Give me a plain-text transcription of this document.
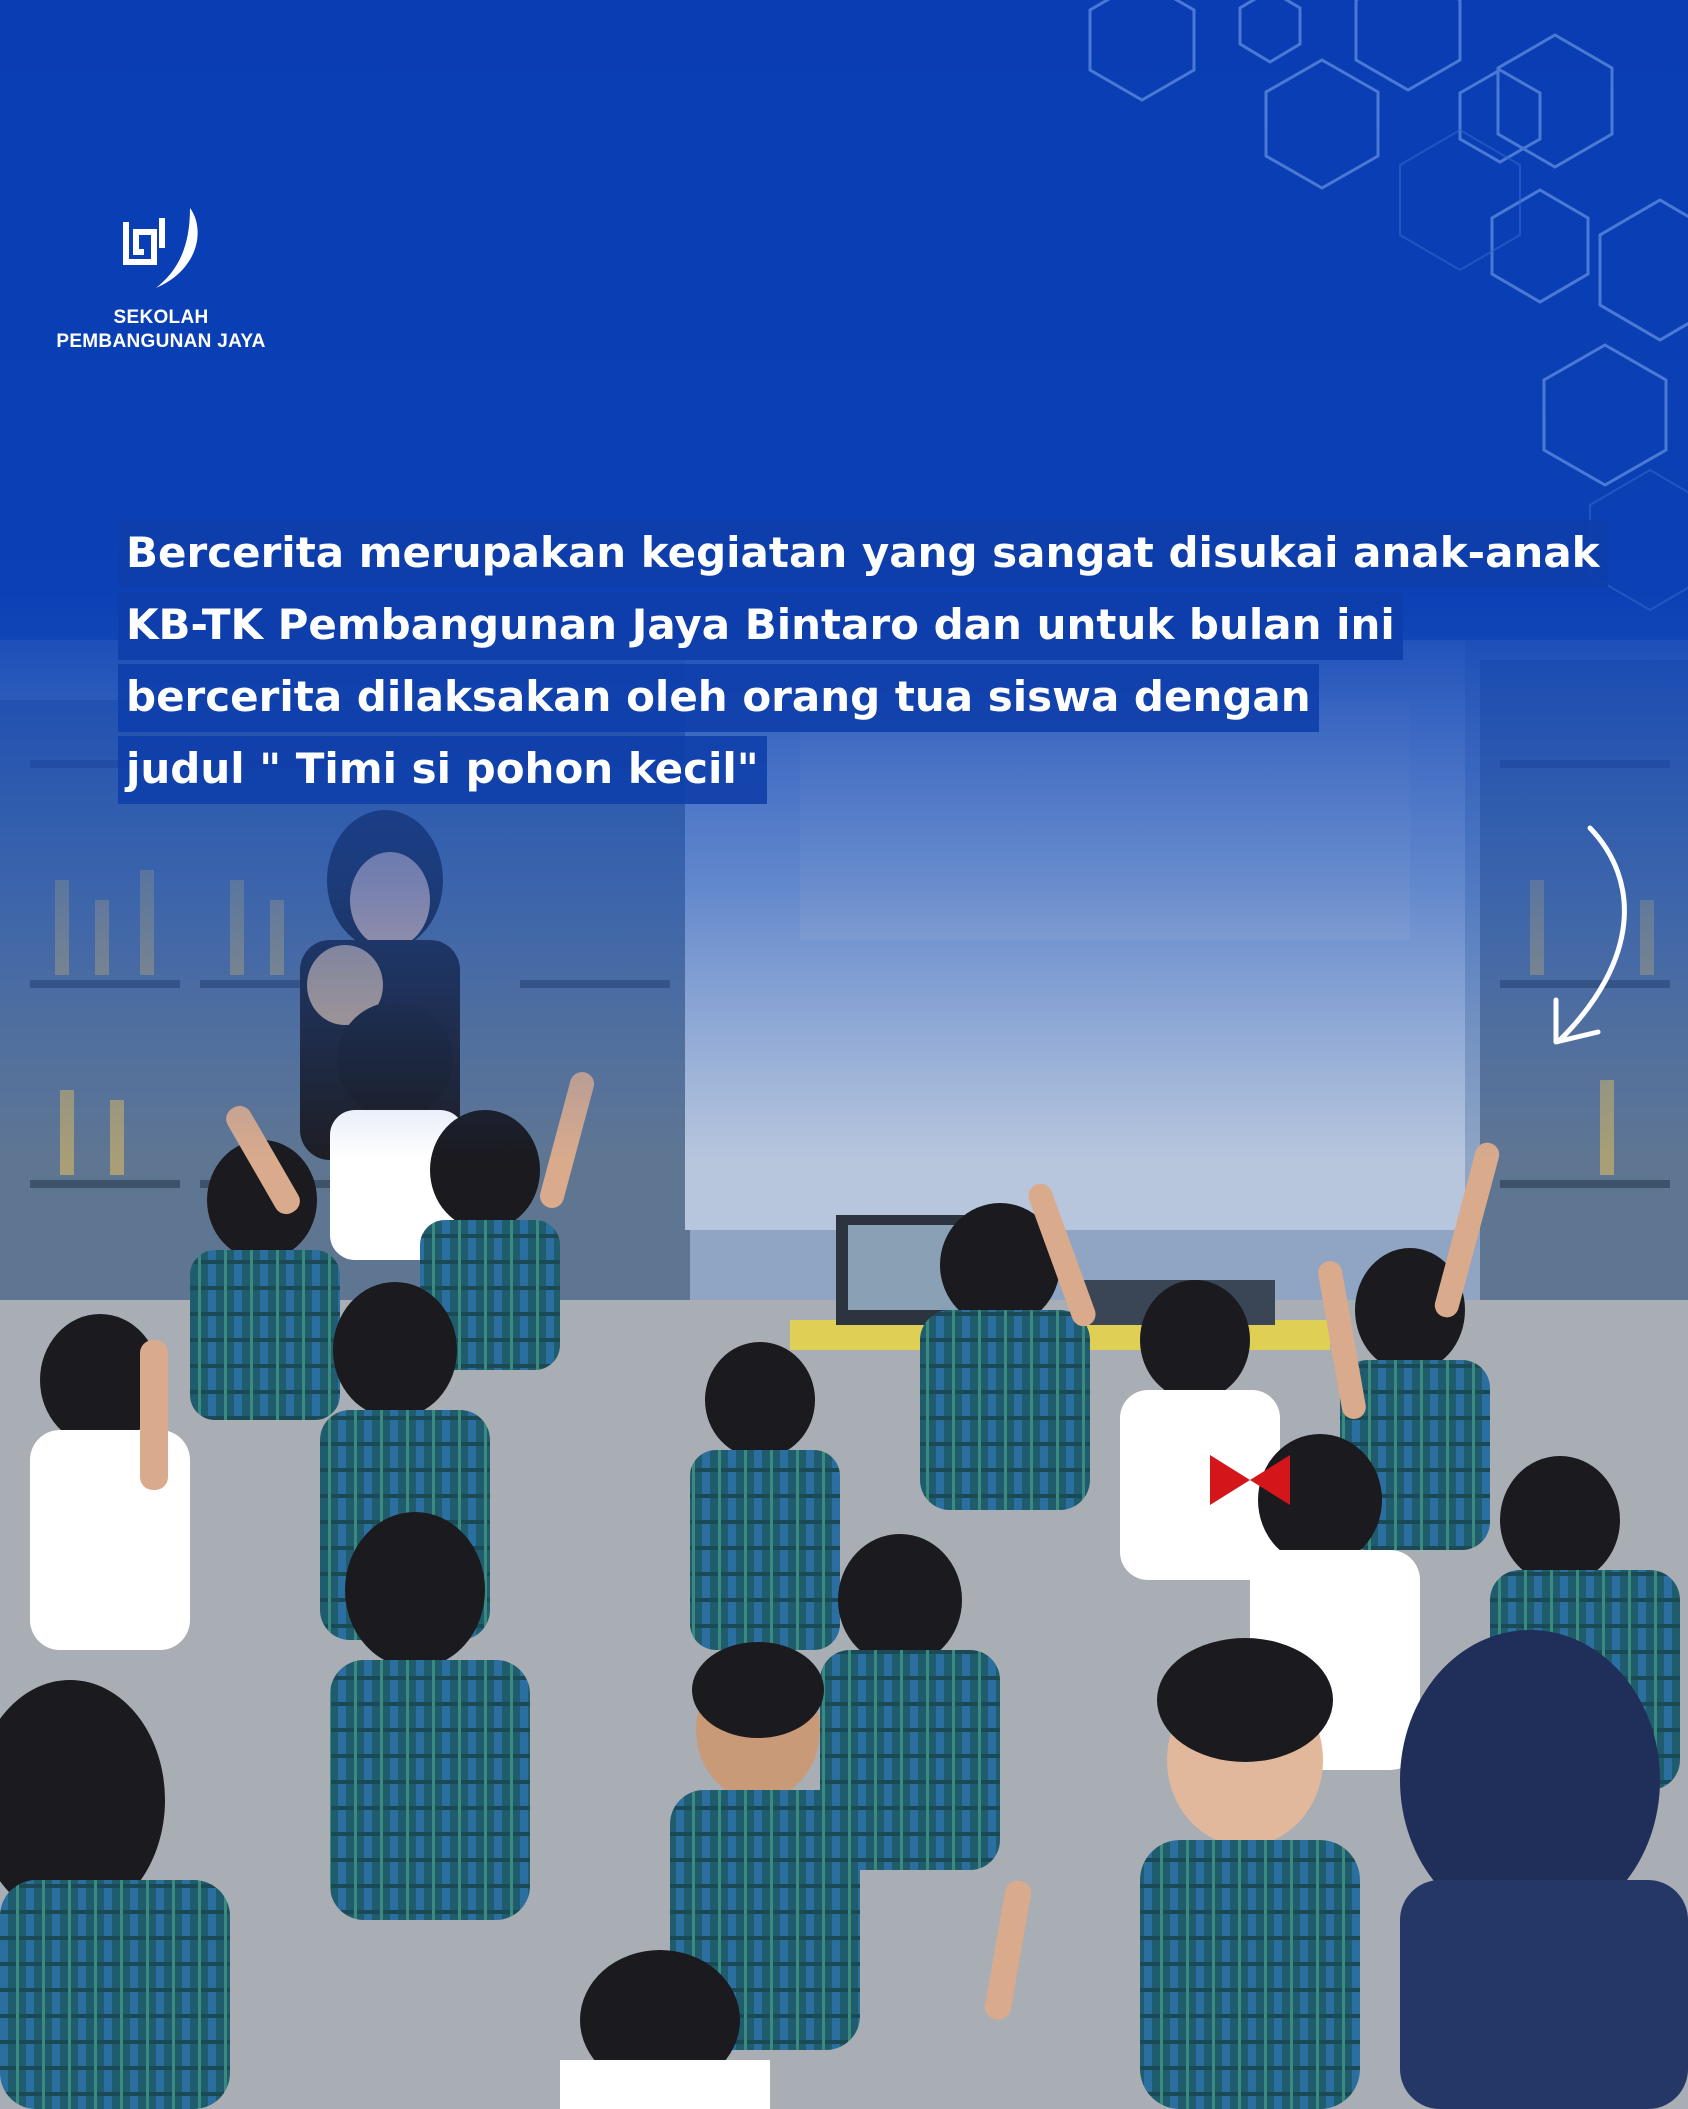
SEKOLAH
PEMBANGUNAN JAYA
Bercerita merupakan kegiatan yang sangat disukai anak-anak
KB-TK Pembangunan Jaya Bintaro dan untuk bulan ini
bercerita dilaksakan oleh orang tua siswa dengan
judul " Timi si pohon kecil"
